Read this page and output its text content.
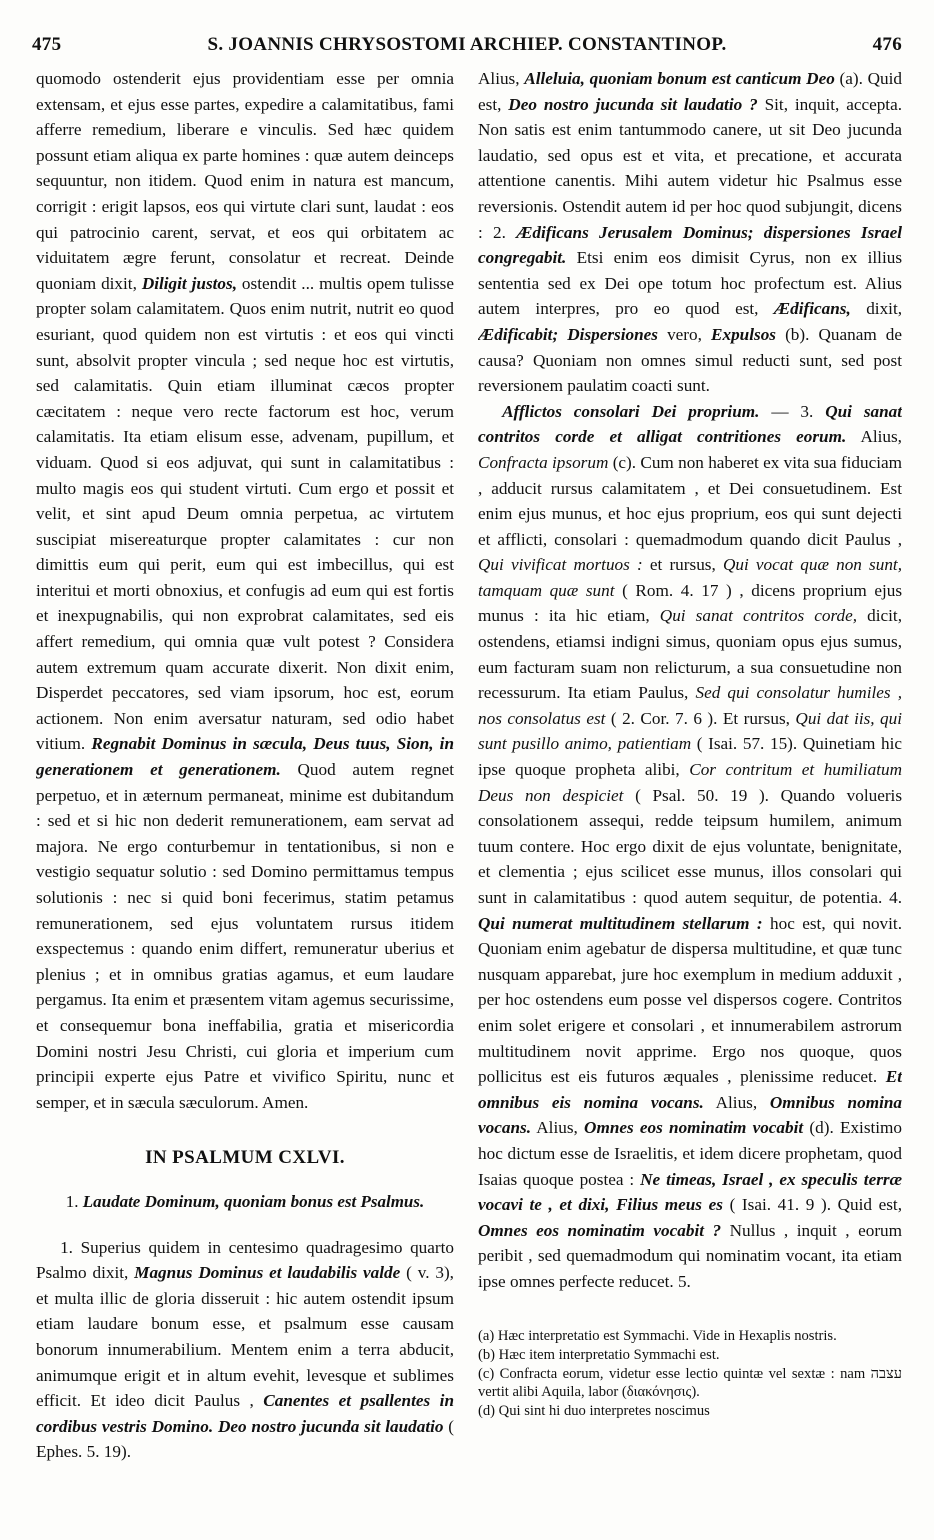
475	S. JOANNIS CHRYSOSTOMI ARCHIEP. CONSTANTINOP.	476

quomodo ostenderit ejus providentiam esse per omnia extensam, et ejus esse partes, expedire a calamitatibus, fami afferre remedium, liberare e vinculis. Sed hæc quidem possunt etiam aliqua ex parte homines : quæ autem deinceps sequuntur, non itidem. Quod enim in natura est mancum, corrigit : erigit lapsos, eos qui virtute clari sunt, laudat : eos qui patrocinio carent, servat, et eos qui orbitatem ac viduitatem ægre ferunt, consolatur et recreat. Deinde quoniam dixit, Diligit justos, ostendit ... multis opem tulisse propter solam calamitatem. Quos enim nutrit, nutrit eo quod esuriant, quod quidem non est virtutis : et eos qui vincti sunt, absolvit propter vincula ; sed neque hoc est virtutis, sed calamitatis. Quin etiam illuminat cæcos propter cæcitatem : neque vero recte factorum est hoc, verum calamitatis. Ita etiam elisum esse, advenam, pupillum, et viduam. Quod si eos adjuvat, qui sunt in calamitatibus : multo magis eos qui student virtuti. Cum ergo et possit et velit, et sint apud Deum omnia perpetua, ac virtutem suscipiat misereaturque propter calamitates : cur non dimittis eum qui perit, eum qui est imbecillus, qui est interitui et morti obnoxius, et confugis ad eum qui est fortis et inexpugnabilis, qui non exprobrat calamitates, sed eis affert remedium, qui omnia quæ vult potest ? Considera autem extremum quam accurate dixerit. Non dixit enim, Disperdet peccatores, sed viam ipsorum, hoc est, eorum actionem. Non enim aversatur naturam, sed odio habet vitium. Regnabit Dominus in sæcula, Deus tuus, Sion, in generationem et generationem. Quod autem regnet perpetuo, et in æternum permaneat, minime est dubitandum : sed et si hic non dederit remunerationem, eam servat ad majora. Ne ergo conturbemur in tentationibus, si non e vestigio sequatur solutio : sed Domino permittamus tempus solutionis : nec si quid boni fecerimus, statim petamus remunerationem, sed ejus voluntatem rursus itidem exspectemus : quando enim differt, remuneratur uberius et plenius ; et in omnibus gratias agamus, et eum laudare pergamus. Ita enim et præsentem vitam agemus securissime, et consequemur bona ineffabilia, gratia et misericordia Domini nostri Jesu Christi, cui gloria et imperium cum principii experte ejus Patre et vivifico Spiritu, nunc et semper, et in sæcula sæculorum. Amen.

IN PSALMUM CXLVI.

1. Laudate Dominum, quoniam bonus est Psalmus.

1. Superius quidem in centesimo quadragesimo quarto Psalmo dixit, Magnus Dominus et laudabilis valde ( v. 3), et multa illic de gloria disseruit : hic autem ostendit ipsum etiam laudare bonum esse, et psalmum esse causam bonorum innumerabilium. Mentem enim a terra abducit, animumque erigit et in altum evehit, levesque et sublimes efficit. Et ideo dicit Paulus , Canentes et psallentes in cordibus vestris Domino. Deo nostro jucunda sit laudatio ( Ephes. 5. 19).

Alius, Alleluia, quoniam bonum est canticum Deo (a). Quid est, Deo nostro jucunda sit laudatio ? Sit, inquit, accepta. Non satis est enim tantummodo canere, ut sit Deo jucunda laudatio, sed opus est et vita, et precatione, et accurata attentione canentis. Mihi autem videtur hic Psalmus esse reversionis. Ostendit autem id per hoc quod subjungit, dicens : 2. Ædificans Jerusalem Dominus; dispersiones Israel congregabit. Etsi enim eos dimisit Cyrus, non ex illius sententia sed ex Dei ope totum hoc profectum est. Alius autem interpres, pro eo quod est, Ædificans, dixit, Ædificabit; Dispersiones vero, Expulsos (b). Quanam de causa? Quoniam non omnes simul reducti sunt, sed post reversionem paulatim coacti sunt.

Afflictos consolari Dei proprium. — 3. Qui sanat contritos corde et alligat contritiones eorum. Alius, Confracta ipsorum (c). Cum non haberet ex vita sua fiduciam , adducit rursus calamitatem , et Dei consuetudinem. Est enim ejus munus, et hoc ejus proprium, eos qui sunt dejecti et afflicti, consolari : quemadmodum quando dicit Paulus , Qui vivificat mortuos : et rursus, Qui vocat quæ non sunt, tamquam quæ sunt ( Rom. 4. 17 ) , dicens proprium ejus munus : ita hic etiam, Qui sanat contritos corde, dicit, ostendens, etiamsi indigni simus, quoniam opus ejus sumus, eum facturam suam non relicturum, a sua consuetudine non recessurum. Ita etiam Paulus, Sed qui consolatur humiles , nos consolatus est ( 2. Cor. 7. 6 ). Et rursus, Qui dat iis, qui sunt pusillo animo, patientiam ( Isai. 57. 15). Quinetiam hic ipse quoque propheta alibi, Cor contritum et humiliatum Deus non despiciet ( Psal. 50. 19 ). Quando volueris consolationem assequi, redde teipsum humilem, animum tuum contere. Hoc ergo dixit de ejus voluntate, benignitate, et clementia ; ejus scilicet esse munus, illos consolari qui sunt in calamitatibus : quod autem sequitur, de potentia. 4. Qui numerat multitudinem stellarum : hoc est, qui novit. Quoniam enim agebatur de dispersa multitudine, et quæ tunc nusquam apparebat, jure hoc exemplum in medium adduxit , per hoc ostendens eum posse vel dispersos cogere. Contritos enim solet erigere et consolari , et innumerabilem astrorum multitudinem novit apprime. Ergo nos quoque, quos pollicitus est eis futuros æquales , plenissime reducet. Et omnibus eis nomina vocans. Alius, Omnibus nomina vocans. Alius, Omnes eos nominatim vocabit (d). Existimo hoc dictum esse de Israelitis, et idem dicere prophetam, quod Isaias quoque postea : Ne timeas, Israel , ex speculis terræ vocavi te , et dixi, Filius meus es ( Isai. 41. 9 ). Quid est, Omnes eos nominatim vocabit ? Nullus , inquit , eorum peribit , sed quemadmodum qui nominatim vocant, ita etiam ipse omnes perfecte reducet. 5.

(a) Hæc interpretatio est Symmachi. Vide in Hexaplis nostris.

(b) Hæc item interpretatio Symmachi est.

(c) Confracta eorum, videtur esse lectio quintæ vel sextæ : nam עצבה vertit alibi Aquila, labor (διακόνησις).

(d) Qui sint hi duo interpretes noscimus
